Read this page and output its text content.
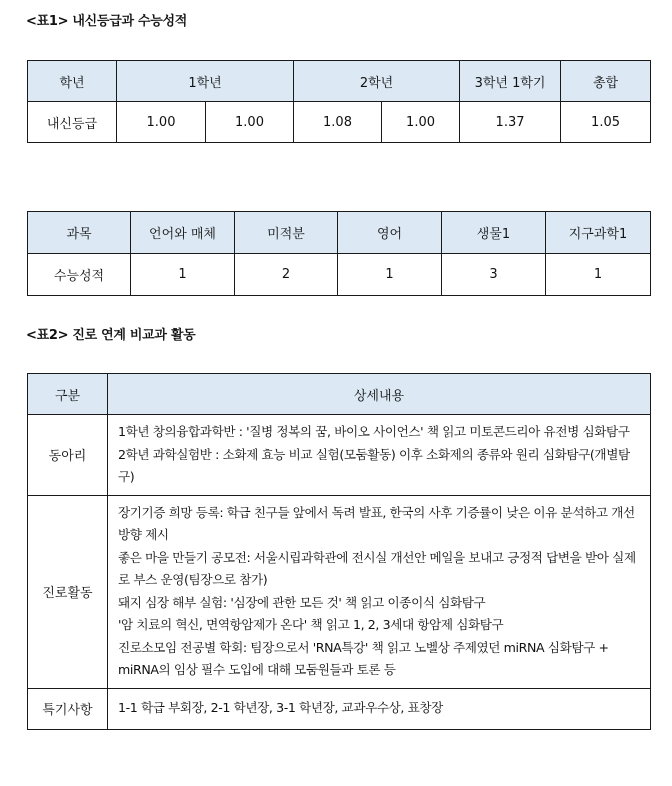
<표1> 내신등급과 수능성적
학년	1학년		2학년		3학년 1학기	총합
내신등급	1.00	1.00	1.08	1.00	1.37	1.05
과목	언어와 매체	미적분	영어	생물1	지구과학1
수능성적	1	2	1	3	1
<표2> 진로 연계 비교과 활동
구분	상세내용
동아리	1학년 창의융합과학반 : '질병 정복의 꿈, 바이오 사이언스' 책 읽고 미토콘드리아 유전병 심화탐구
2학년 과학실험반 : 소화제 효능 비교 실험(모둠활동) 이후 소화제의 종류와 원리 심화탐구(개별탐구)

진로활동	장기기증 희망 등록: 학급 친구들 앞에서 독려 발표, 한국의 사후 기증률이 낮은 이유 분석하고 개선 방향 제시
좋은 마을 만들기 공모전: 서울시립과학관에 전시실 개선안 메일을 보내고 긍정적 답변을 받아 실제로 부스 운영(팀장으로 참가)
돼지 심장 해부 실험: '심장에 관한 모든 것' 책 읽고 이종이식 심화탐구
'암 치료의 혁신, 면역항암제가 온다' 책 읽고 1, 2, 3세대 항암제 심화탐구
진로소모임 전공별 학회: 팀장으로서 'RNA특강' 책 읽고 노벨상 주제였던 miRNA 심화탐구 + miRNA의 임상 필수 도입에 대해 모둠원들과 토론 등

특기사항	1-1 학급 부회장, 2-1 학년장, 3-1 학년장, 교과우수상, 표창장
